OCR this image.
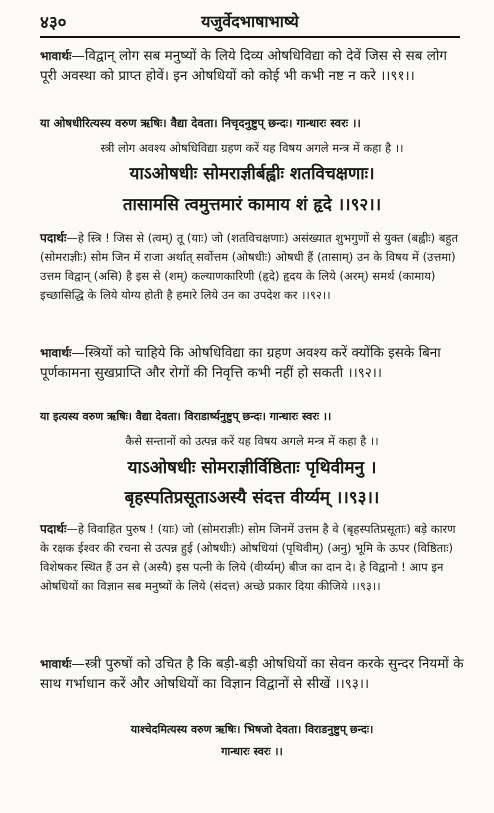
४३०	यजुर्वेदभाषाभाष्ये
भावार्थः—विद्वान् लोग सब मनुष्यों के लिये दिव्य ओषधिविद्या को देवें जिस से सब लोग पूरी अवस्था को प्राप्त होवें। इन ओषधियों को कोई भी कभी नष्ट न करे ।।९१।।
या ओषधीरित्यस्य वरुण ऋषिः। वैद्या देवता। निचृदनुष्टुप् छन्दः। गान्धारः स्वरः ।।
स्त्री लोग अवश्य ओषधिविद्या ग्रहण करें यह विषय अगले मन्त्र में कहा है ।।
याऽओषधीः सोमराज्ञीर्बह्वीः शतविचक्षणाः।
तासामसि त्वमुत्तमारं कामाय शं हृदे ।।९२।।
पदार्थः—हे स्त्रि ! जिस से (त्वम्) तू (याः) जो (शतविचक्षणाः) असंख्यात शुभगुणों से युक्त (बह्वीः) बहुत (सोमराज्ञीः) सोम जिन में राजा अर्थात् सर्वोत्तम (ओषधीः) ओषधी हैं (तासाम्) उन के विषय में (उत्तमा) उत्तम विद्वान् (असि) है इस से (शम्) कल्याणकारिणी (हृदे) हृदय के लिये (अरम्) समर्थ (कामाय) इच्छासिद्धि के लिये योग्य होती है हमारे लिये उन का उपदेश कर ।।९२।।
भावार्थः—स्त्रियों को चाहिये कि ओषधिविद्या का ग्रहण अवश्य करें क्योंकि इसके बिना पूर्णकामना सुखप्राप्ति और रोगों की निवृत्ति कभी नहीं हो सकती ।।९२।।
या इत्यस्य वरुण ऋषिः। वैद्या देवता। विराडार्ष्यनुष्टुप् छन्दः। गान्धारः स्वरः ।।
कैसे सन्तानों को उत्पन्न करें यह विषय अगले मन्त्र में कहा है ।।
याऽओषधीः सोमराज्ञीर्विष्ठिताः पृथिवीमनु ।
बृहस्पतिप्रसूताऽअस्यै संदत्त वीर्य्यम् ।।९३।।
पदार्थः—हे विवाहित पुरुष ! (याः) जो (सोमराज्ञीः) सोम जिनमें उत्तम है वे (बृहस्पतिप्रसूताः) बड़े कारण के रक्षक ईश्वर की रचना से उत्पन्न हुई (ओषधीः) ओषधियां (पृथिवीम्) (अनु) भूमि के ऊपर (विष्ठिताः) विशेषकर स्थित हैं उन से (अस्यै) इस पत्नी के लिये (वीर्य्यम्) बीज का दान दे। हे विद्वानो ! आप इन ओषधियों का विज्ञान सब मनुष्यों के लिये (संदत्त) अच्छे प्रकार दिया कीजिये ।।९३।।
भावार्थः—स्त्री पुरुषों को उचित है कि बड़ी-बड़ी ओषधियों का सेवन करके सुन्दर नियमों के साथ गर्भाधान करें और ओषधियों का विज्ञान विद्वानों से सीखें ।।९३।।
याश्चेदमित्यस्य वरुण ऋषिः। भिषजो देवता। विराडनुष्टुप् छन्दः।
गान्धारः स्वरः ।।
